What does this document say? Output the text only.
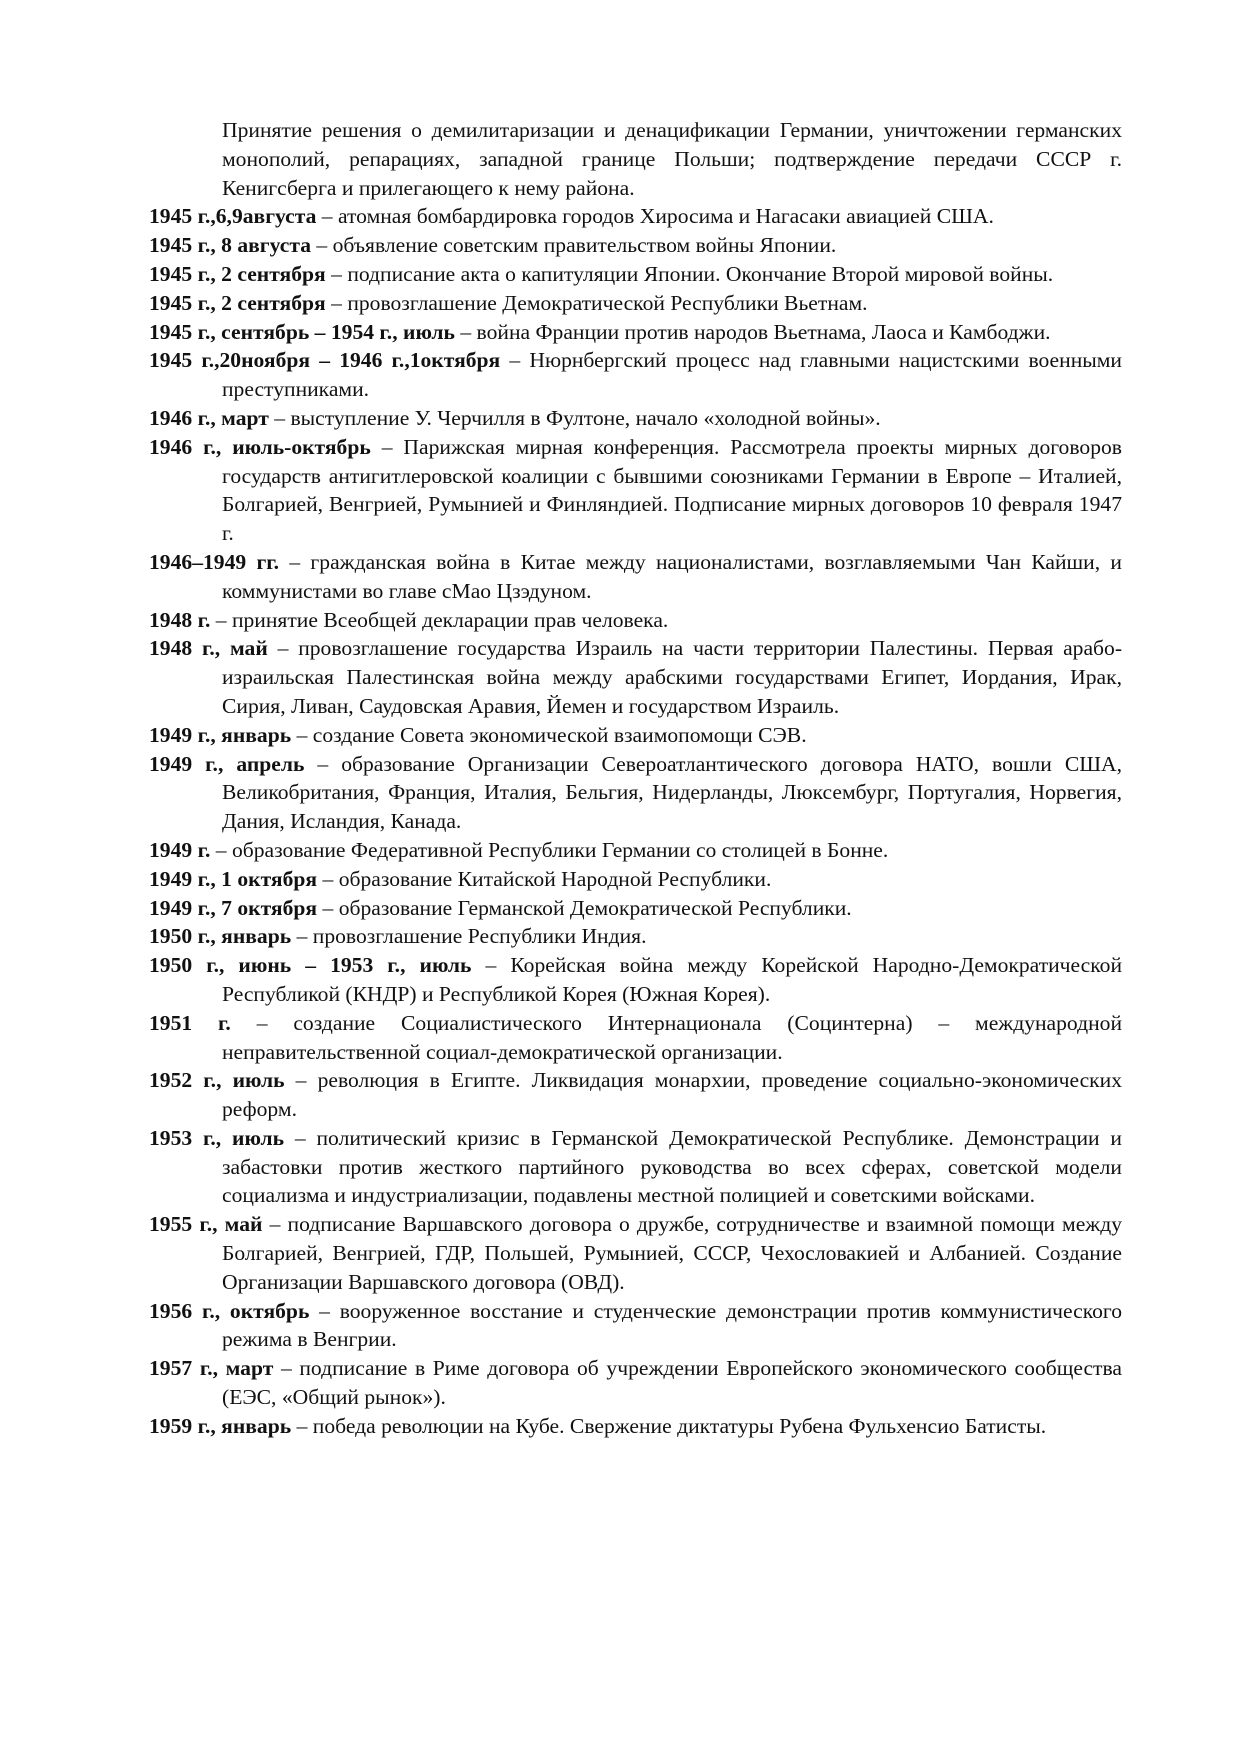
Принятие решения о демилитаризации и денацификации Германии, уничтожении германских монополий, репарациях, западной границе Польши; подтверждение передачи СССР г. Кенигсберга и прилегающего к нему района.

1945 г.,6,9августа – атомная бомбардировка городов Хиросима и Нагасаки авиацией США.

1945 г., 8 августа – объявление советским правительством войны Японии.

1945 г., 2 сентября – подписание акта о капитуляции Японии. Окончание Второй мировой войны.

1945 г., 2 сентября – провозглашение Демократической Республики Вьетнам.

1945 г., сентябрь – 1954 г., июль – война Франции против народов Вьетнама, Лаоса и Камбоджи.

1945 г.,20ноября – 1946 г.,1октября – Нюрнбергский процесс над главными нацистскими военными преступниками.

1946 г., март – выступление У. Черчилля в Фултоне, начало «холодной войны».

1946 г., июль-октябрь – Парижская мирная конференция. Рассмотрела проекты мирных договоров государств антигитлеровской коалиции с бывшими союзниками Германии в Европе – Италией, Болгарией, Венгрией, Румынией и Финляндией. Подписание мирных договоров 10 февраля 1947 г.

1946–1949 гг. – гражданская война в Китае между националистами, возглавляемыми Чан Кайши, и коммунистами во главе сМао Цзэдуном.

1948 г. – принятие Всеобщей декларации прав человека.

1948 г., май – провозглашение государства Израиль на части территории Палестины. Первая арабо-израильская Палестинская война между арабскими государствами Египет, Иордания, Ирак, Сирия, Ливан, Саудовская Аравия, Йемен и государством Израиль.

1949 г., январь – создание Совета экономической взаимопомощи СЭВ.

1949 г., апрель – образование Организации Североатлантического договора НАТО, вошли США, Великобритания, Франция, Италия, Бельгия, Нидерланды, Люксембург, Португалия, Норвегия, Дания, Исландия, Канада.

1949 г. – образование Федеративной Республики Германии со столицей в Бонне.

1949 г., 1 октября – образование Китайской Народной Республики.

1949 г., 7 октября – образование Германской Демократической Республики.

1950 г., январь – провозглашение Республики Индия.

1950 г., июнь – 1953 г., июль – Корейская война между Корейской Народно-Демократической Республикой (КНДР) и Республикой Корея (Южная Корея).

1951 г. – создание Социалистического Интернационала (Социнтерна) – международной неправительственной социал-демократической организации.

1952 г., июль – революция в Египте. Ликвидация монархии, проведение социально-экономических реформ.

1953 г., июль – политический кризис в Германской Демократической Республике. Демонстрации и забастовки против жесткого партийного руководства во всех сферах, советской модели социализма и индустриализации, подавлены местной полицией и советскими войсками.

1955 г., май – подписание Варшавского договора о дружбе, сотрудничестве и взаимной помощи между Болгарией, Венгрией, ГДР, Польшей, Румынией, СССР, Чехословакией и Албанией. Создание Организации Варшавского договора (ОВД).

1956 г., октябрь – вооруженное восстание и студенческие демонстрации против коммунистического режима в Венгрии.

1957 г., март – подписание в Риме договора об учреждении Европейского экономического сообщества (ЕЭС, «Общий рынок»).

1959 г., январь – победа революции на Кубе. Свержение диктатуры Рубена Фульхенсио Батисты.
